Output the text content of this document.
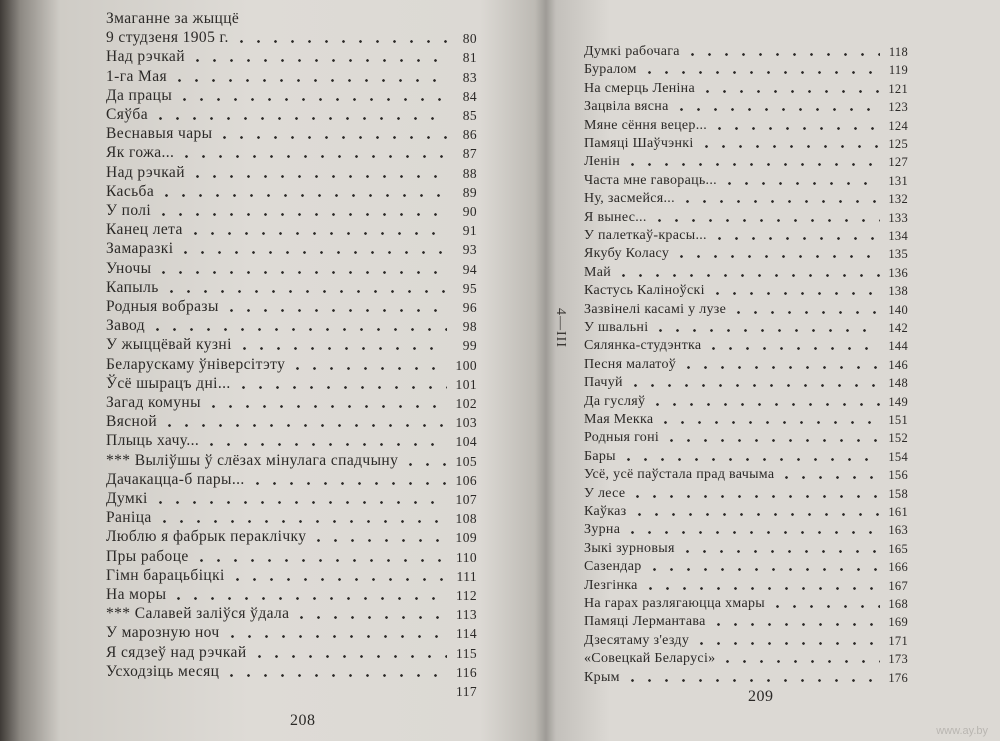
Змаганне за жыццё
9 студзеня 1905 г.	80
Над рэчкай	81
1-га Мая	83
Да працы	84
Сяўба	85
Веснавыя чары	86
Як гожа...	87
Над рэчкай	88
Касьба	89
У полі	90
Канец лета	91
Замаразкі	93
Уночы	94
Капыль	95
Родныя вобразы	96
Завод	98
У жыццёвай кузні	99
Беларускаму ўніверсітэту	100
Ўсё шырацъ дні...	101
Загад комуны	102
Вясной	103
Плыць хачу...	104
*** Выліўшы ў слёзах мінулага спадчыну	105
Дачакацца-б пары...	106
Думкі	107
Раніца	108
Люблю я фабрык пераклічку	109
Пры рабоце	110
Гімн барацьбіцкі	111
На моры	112
*** Салавей заліўся ўдала	113
У марозную ноч	114
Я сядзеў над рэчкай	115
Усходзіць месяц	116
117
Думкі рабочага	118
Буралом	119
На смерць Леніна	121
Зацвіла вясна	123
Мяне сёння вецер...	124
Памяці Шаўчэнкі	125
Ленін	127
Часта мне гавораць...	131
Ну, засмейся...	132
Я вынес...	133
У палеткаў-красы...	134
Якубу Коласу	135
Май	136
Кастусь Каліноўскі	138
Зазвінелі касамі у лузе	140
У швальні	142
Сялянка-студэнтка	144
Песня малатоў	146
Пачуй	148
Да гусляў	149
Мая Мекка	151
Родныя гоні	152
Бары	154
Усё, усё паўстала прад вачыма	156
У лесе	158
Каўказ	161
Зурна	163
Зыкі зурновыя	165
Сазендар	166
Лезгінка	167
На гарах разлягаюцца хмары	168
Памяці Лермантава	169
Дзесятаму з'езду	171
«Совецкай Беларусі»	173
Крым	176
208
209
4—III
www.ay.by
